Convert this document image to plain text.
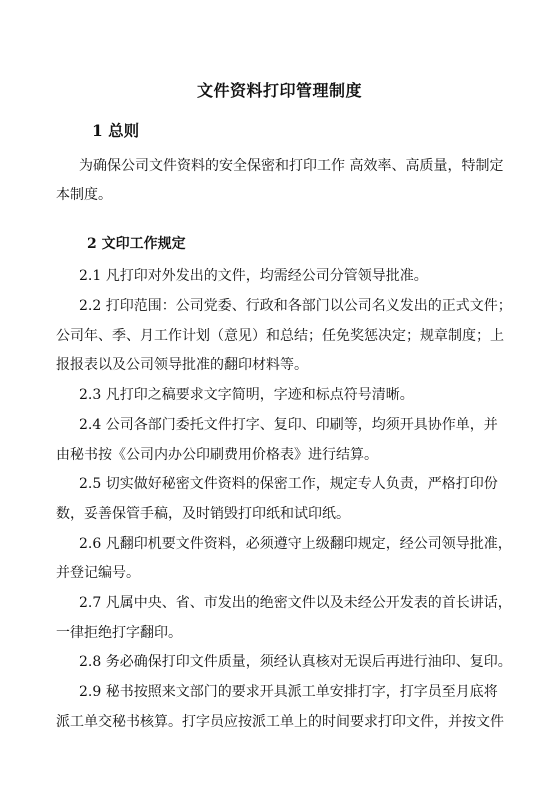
文件资料打印管理制度
1 总则
为确保公司文件资料的安全保密和打印工作 高效率、高质量，特制定
本制度。
2 文印工作规定
2.1 凡打印对外发出的文件，均需经公司分管领导批准。
2.2 打印范围：公司党委、行政和各部门以公司名义发出的正式文件；
公司年、季、月工作计划（意见）和总结；任免奖惩决定；规章制度；上
报报表以及公司领导批准的翻印材料等。
2.3 凡打印之稿要求文字简明，字迹和标点符号清晰。
2.4 公司各部门委托文件打字、复印、印刷等，均须开具协作单，并
由秘书按《公司内办公印刷费用价格表》进行结算。
2.5 切实做好秘密文件资料的保密工作，规定专人负责，严格打印份
数，妥善保管手稿，及时销毁打印纸和试印纸。
2.6 凡翻印机要文件资料，必须遵守上级翻印规定，经公司领导批准，
并登记编号。
2.7 凡属中央、省、市发出的绝密文件以及未经公开发表的首长讲话，
一律拒绝打字翻印。
2.8 务必确保打印文件质量，须经认真核对无误后再进行油印、复印。
2.9 秘书按照来文部门的要求开具派工单安排打字，打字员至月底将
派工单交秘书核算。打字员应按派工单上的时间要求打印文件，并按文件
